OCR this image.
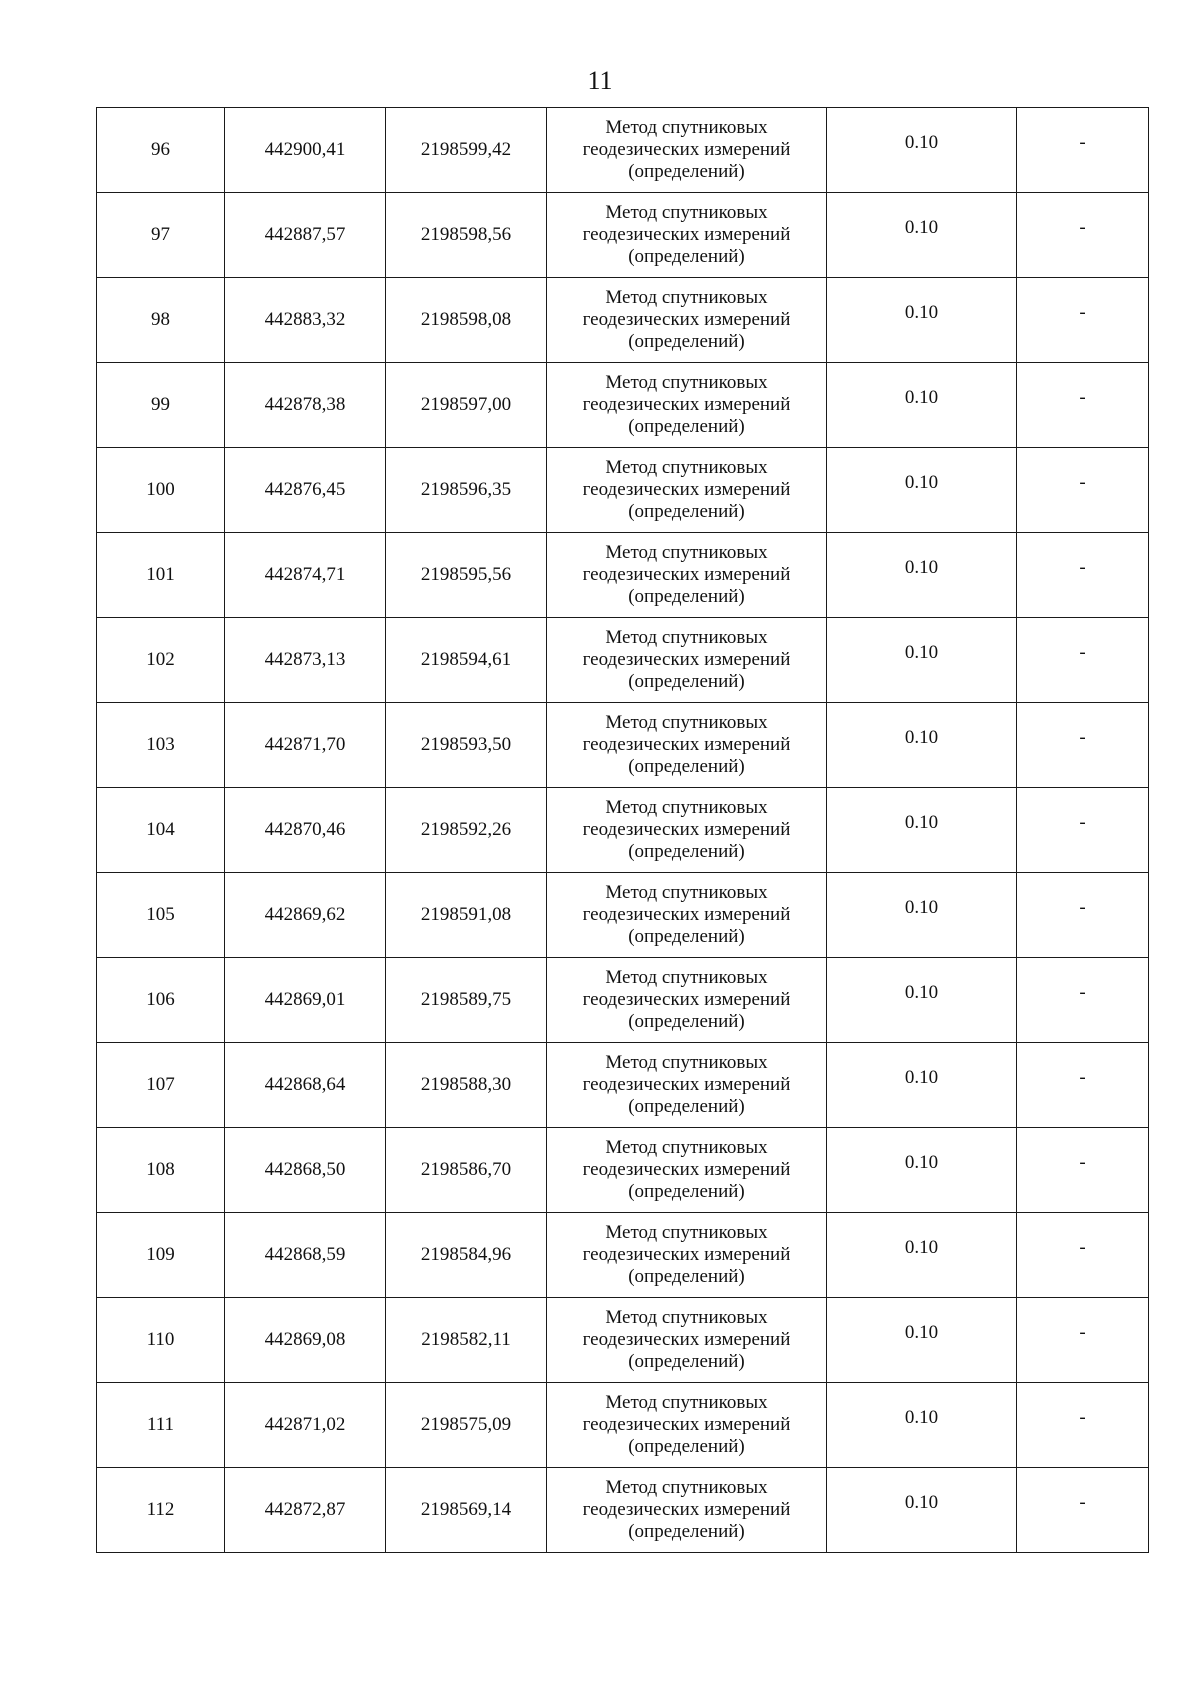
11
96	442900,41	2198599,42	Метод спутниковых
геодезических измерений
(определений)	0.10	-
97	442887,57	2198598,56	Метод спутниковых
геодезических измерений
(определений)	0.10	-
98	442883,32	2198598,08	Метод спутниковых
геодезических измерений
(определений)	0.10	-
99	442878,38	2198597,00	Метод спутниковых
геодезических измерений
(определений)	0.10	-
100	442876,45	2198596,35	Метод спутниковых
геодезических измерений
(определений)	0.10	-
101	442874,71	2198595,56	Метод спутниковых
геодезических измерений
(определений)	0.10	-
102	442873,13	2198594,61	Метод спутниковых
геодезических измерений
(определений)	0.10	-
103	442871,70	2198593,50	Метод спутниковых
геодезических измерений
(определений)	0.10	-
104	442870,46	2198592,26	Метод спутниковых
геодезических измерений
(определений)	0.10	-
105	442869,62	2198591,08	Метод спутниковых
геодезических измерений
(определений)	0.10	-
106	442869,01	2198589,75	Метод спутниковых
геодезических измерений
(определений)	0.10	-
107	442868,64	2198588,30	Метод спутниковых
геодезических измерений
(определений)	0.10	-
108	442868,50	2198586,70	Метод спутниковых
геодезических измерений
(определений)	0.10	-
109	442868,59	2198584,96	Метод спутниковых
геодезических измерений
(определений)	0.10	-
110	442869,08	2198582,11	Метод спутниковых
геодезических измерений
(определений)	0.10	-
111	442871,02	2198575,09	Метод спутниковых
геодезических измерений
(определений)	0.10	-
112	442872,87	2198569,14	Метод спутниковых
геодезических измерений
(определений)	0.10	-
